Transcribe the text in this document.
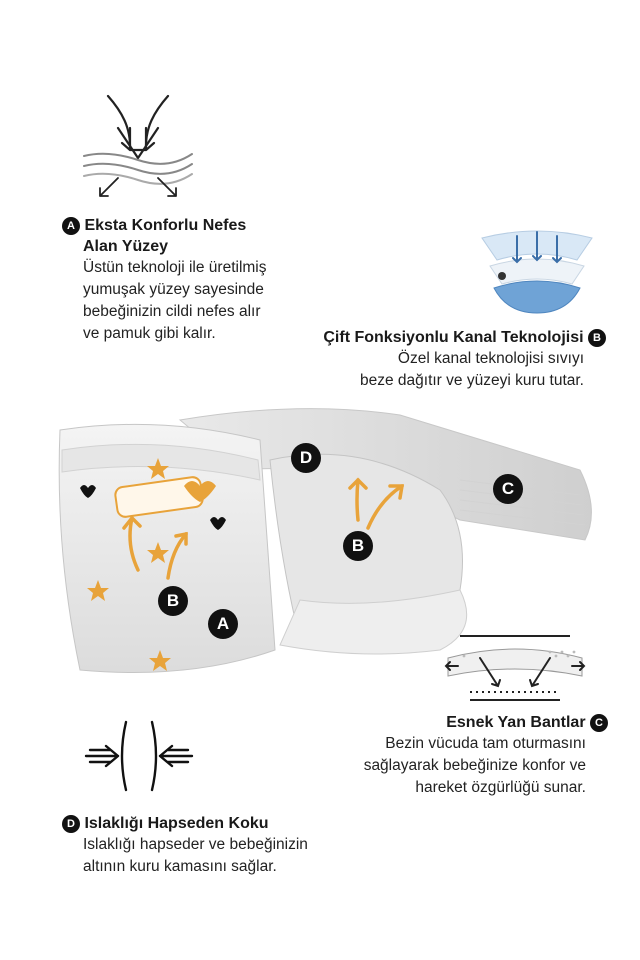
A Eksta Konforlu Nefes
Alan Yüzey
Üstün teknoloji ile üretilmiş
yumuşak yüzey sayesinde
bebeğinizin cildi nefes alır
ve pamuk gibi kalır.	Çift Fonksiyonlu Kanal Teknolojisi B
Özel kanal teknolojisi sıvıyı
beze dağıtır ve yüzeyi kuru tutar.
D
C
B
B
A
Esnek Yan Bantlar C
Bezin vücuda tam oturmasını
sağlayarak bebeğinize konfor ve
hareket özgürlüğü sunar.
D Islaklığı Hapseden Koku
Islaklığı hapseder ve bebeğinizin
altının kuru kamasını sağlar.
